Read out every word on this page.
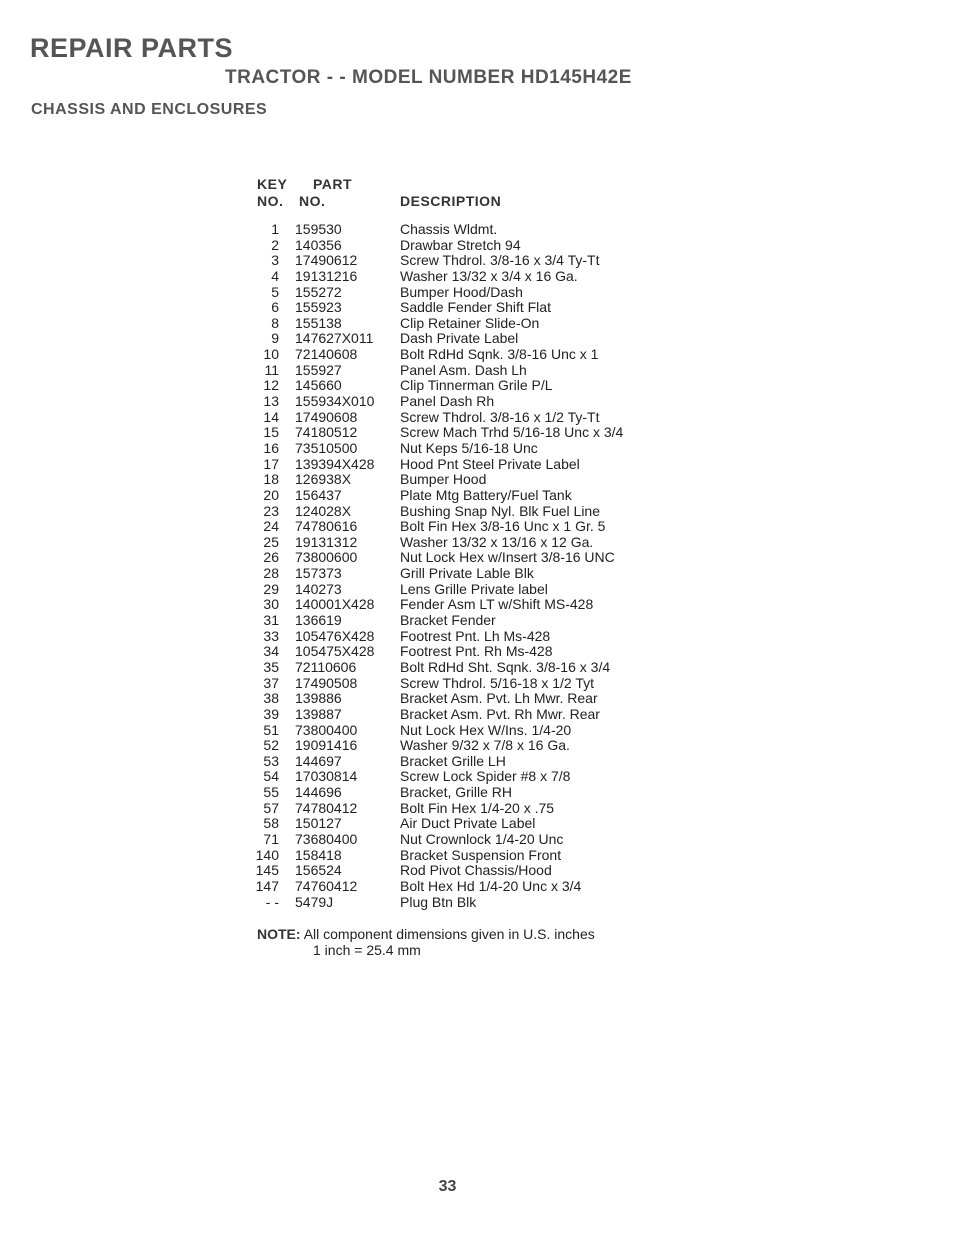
REPAIR PARTS
TRACTOR - - MODEL NUMBER HD145H42E
CHASSIS AND ENCLOSURES
KEY PART
NO. NO.	DESCRIPTION
1 159530	Chassis Wldmt.
2 140356	Drawbar Stretch 94
3 17490612	Screw Thdrol. 3/8-16 x 3/4 Ty-Tt
4 19131216	Washer 13/32 x 3/4 x 16 Ga.
5 155272	Bumper Hood/Dash
6 155923	Saddle Fender Shift Flat
8 155138	Clip Retainer Slide-On
9 147627X011 Dash Private Label
10 72140608	Bolt RdHd Sqnk. 3/8-16 Unc x 1
11 155927	Panel Asm. Dash Lh
12 145660	Clip Tinnerman Grile P/L
13 155934X010 Panel Dash Rh
14 17490608	Screw Thdrol. 3/8-16 x 1/2 Ty-Tt
15 74180512	Screw Mach Trhd 5/16-18 Unc x 3/4
16 73510500	Nut Keps 5/16-18 Unc
17 139394X428 Hood Pnt Steel Private Label
18 126938X	Bumper Hood
20 156437	Plate Mtg Battery/Fuel Tank
23 124028X	Bushing Snap Nyl. Blk Fuel Line
24 74780616	Bolt Fin Hex 3/8-16 Unc x 1 Gr. 5
25 19131312	Washer 13/32 x 13/16 x 12 Ga.
26 73800600	Nut Lock Hex w/Insert 3/8-16 UNC
28 157373	Grill Private Lable Blk
29 140273	Lens Grille Private label
30 140001X428 Fender Asm LT w/Shift MS-428
31 136619	Bracket Fender
33 105476X428 Footrest Pnt. Lh Ms-428
34 105475X428 Footrest Pnt. Rh Ms-428
35 72110606	Bolt RdHd Sht. Sqnk. 3/8-16 x 3/4
37 17490508	Screw Thdrol. 5/16-18 x 1/2 Tyt
38 139886	Bracket Asm. Pvt. Lh Mwr. Rear
39 139887	Bracket Asm. Pvt. Rh Mwr. Rear
51 73800400	Nut Lock Hex W/Ins. 1/4-20
52 19091416	Washer 9/32 x 7/8 x 16 Ga.
53 144697	Bracket Grille LH
54 17030814	Screw Lock Spider #8 x 7/8
55 144696	Bracket, Grille RH
57 74780412	Bolt Fin Hex 1/4-20 x .75
58 150127	Air Duct Private Label
71 73680400	Nut Crownlock 1/4-20 Unc
140 158418	Bracket Suspension Front
145 156524	Rod Pivot Chassis/Hood
147 74760412	Bolt Hex Hd 1/4-20 Unc x 3/4
- - 5479J	Plug Btn Blk
NOTE: All component dimensions given in U.S. inches
1 inch = 25.4 mm
33
